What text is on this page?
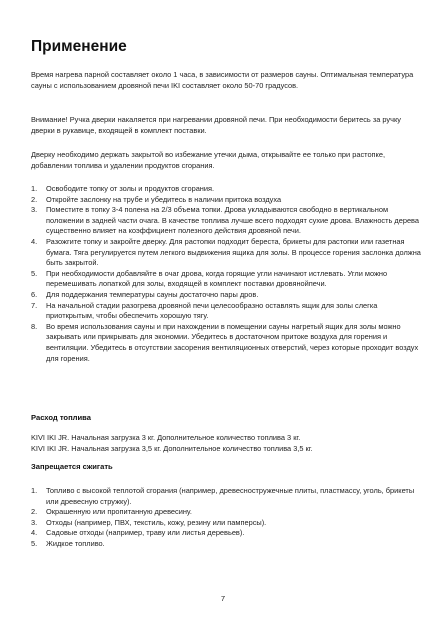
Применение

Время нагрева парной составляет около 1 часа, в зависимости от размеров сауны. Оптимальная температура сауны с использованием дровяной печи IKI составляет около 50-70 градусов.

Внимание! Ручка дверки накаляется при нагревании дровяной печи. При необходимости беритесь за ручку дверки в рукавице, входящей в комплект поставки.

Дверку необходимо держать закрытой во избежание утечки дыма, открывайте ее только при растопке, добавлении топлива и удалении продуктов сгорания.

1. Освободите топку от золы и продуктов сгорания.
2. Откройте заслонку на трубе и убедитесь в наличии притока воздуха
3. Поместите в топку 3-4 полена на 2/3 объема топки. Дрова укладываются свободно в вертикальном положении в задней части очага. В качестве топлива лучше всего подходят сухие дрова. Влажность дерева существенно влияет на коэффициент полезного действия дровяной печи.
4. Разожгите топку и закройте дверку. Для растопки подходит береста, брикеты для растопки или газетная бумага. Тяга регулируется путем легкого выдвижения ящика для золы. В процессе горения заслонка должна быть закрытой.
5. При необходимости добавляйте в очаг дрова, когда горящие угли начинают истлевать. Угли можно перемешивать лопаткой для золы, входящей в комплект поставки дровянойпечи.
6. Для поддержания температуры сауны достаточно пары дров.
7. На начальной стадии разогрева дровяной печи целесообразно оставлять ящик для золы слегка приоткрытым, чтобы обеспечить хорошую тягу.
8. Во время использования сауны и при нахождении в помещении сауны нагретый ящик для золы можно закрывать или прикрывать для экономии. Убедитесь в достаточном притоке воздуха для горения и вентиляции. Убедитесь в отсутствии засорения вентиляционных отверстий, через которые проходит воздух для горения.
Расход топлива
KIVI IKI JR. Начальная загрузка 3 кг. Дополнительное количество топлива 3 кг.
KIVI IKI JR. Начальная загрузка 3,5 кг. Дополнительное количество топлива 3,5 кг.
Запрещается сжигать
1. Топливо с высокой теплотой сгорания (например, древесностружечные плиты, пластмассу, уголь, брикеты или древесную стружку).
2. Окрашенную или пропитанную древесину.
3. Отходы (например, ПВХ, текстиль, кожу, резину или памперсы).
4. Садовые отходы (например, траву или листья деревьев).
5. Жидкое топливо.

7
